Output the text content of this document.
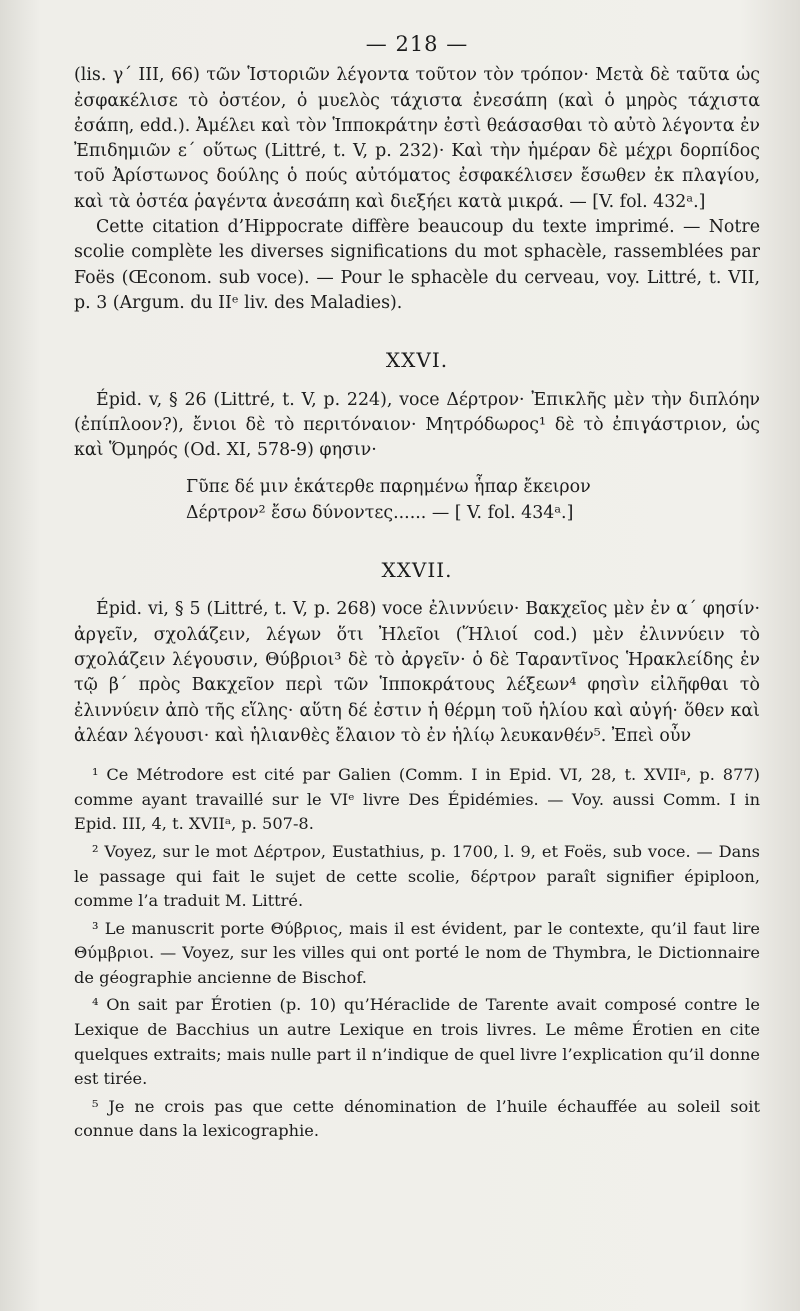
— 218 —

(lis. γ΄ III, 66) τῶν Ἱστοριῶν λέγοντα τοῦτον τὸν τρόπον· Μετὰ δὲ ταῦτα ὡς ἐσφακέλισε τὸ ὀστέον, ὁ μυελὸς τάχιστα ἐνεσάπη (καὶ ὁ μηρὸς τάχιστα ἐσάπη, edd.). Ἀμέλει καὶ τὸν Ἱπποκράτην ἐστὶ θεάσασθαι τὸ αὐτὸ λέγοντα ἐν Ἐπιδημιῶν ε΄ οὕτως (Littré, t. V, p. 232)· Καὶ τὴν ἡμέραν δὲ μέχρι δορπίδος τοῦ Ἀρίστωνος δούλης ὁ πούς αὐτόματος ἐσφακέλισεν ἔσωθεν ἐκ πλαγίου, καὶ τὰ ὀστέα ῥαγέντα ἀνεσάπη καὶ διεξήει κατὰ μικρά. — [V. fol. 432ᵃ.]

Cette citation d’Hippocrate diffère beaucoup du texte imprimé. — Notre scolie complète les diverses significations du mot sphacèle, rassemblées par Foës (Œconom. sub voce). — Pour le sphacèle du cerveau, voy. Littré, t. VII, p. 3 (Argum. du IIᵉ liv. des Maladies).

XXVI.

Épid. v, § 26 (Littré, t. V, p. 224), voce Δέρτρον· Ἐπικλῆς μὲν τὴν διπλόην (ἐπίπλοον?), ἔνιοι δὲ τὸ περιτόναιον· Μητρόδωρος¹ δὲ τὸ ἐπιγάστριον, ὡς καὶ Ὅμηρός (Od. XI, 578-9) φησιν·

Γῦπε δέ μιν ἑκάτερθε παρημένω ἧπαρ ἔκειρον

Δέρτρον² ἔσω δύνοντες...... — [ V. fol. 434ᵃ.]

XXVII.

Épid. vi, § 5 (Littré, t. V, p. 268) voce ἐλιννύειν· Βακχεῖος μὲν ἐν α΄ φησίν· ἀργεῖν, σχολάζειν, λέγων ὅτι Ἠλεῖοι (Ἥλιοί cod.) μὲν ἐλιννύειν τὸ σχολάζειν λέγουσιν, Θύβριοι³ δὲ τὸ ἀργεῖν· ὁ δὲ Ταραντῖνος Ἡρακλείδης ἐν τῷ β΄ πρὸς Βακχεῖον περὶ τῶν Ἱπποκράτους λέξεων⁴ φησὶν εἰλῆφθαι τὸ ἐλιννύειν ἀπὸ τῆς εἵλης· αὕτη δέ ἐστιν ἡ θέρμη τοῦ ἡλίου καὶ αὐγή· ὅθεν καὶ ἀλέαν λέγουσι· καὶ ἡλιανθὲς ἔλαιον τὸ ἐν ἡλίῳ λευκανθέν⁵. Ἐπεὶ οὖν

¹ Ce Métrodore est cité par Galien (Comm. I in Epid. VI, 28, t. XVIIᵃ, p. 877) comme ayant travaillé sur le VIᵉ livre Des Épidémies. — Voy. aussi Comm. I in Epid. III, 4, t. XVIIᵃ, p. 507-8.

² Voyez, sur le mot Δέρτρον, Eustathius, p. 1700, l. 9, et Foës, sub voce. — Dans le passage qui fait le sujet de cette scolie, δέρτρον paraît signifier épiploon, comme l’a traduit M. Littré.

³ Le manuscrit porte Θύβριος, mais il est évident, par le contexte, qu’il faut lire Θύμβριοι. — Voyez, sur les villes qui ont porté le nom de Thymbra, le Dictionnaire de géographie ancienne de Bischof.

⁴ On sait par Érotien (p. 10) qu’Héraclide de Tarente avait composé contre le Lexique de Bacchius un autre Lexique en trois livres. Le même Érotien en cite quelques extraits; mais nulle part il n’indique de quel livre l’explication qu’il donne est tirée.

⁵ Je ne crois pas que cette dénomination de l’huile échauffée au soleil soit connue dans la lexicographie.
